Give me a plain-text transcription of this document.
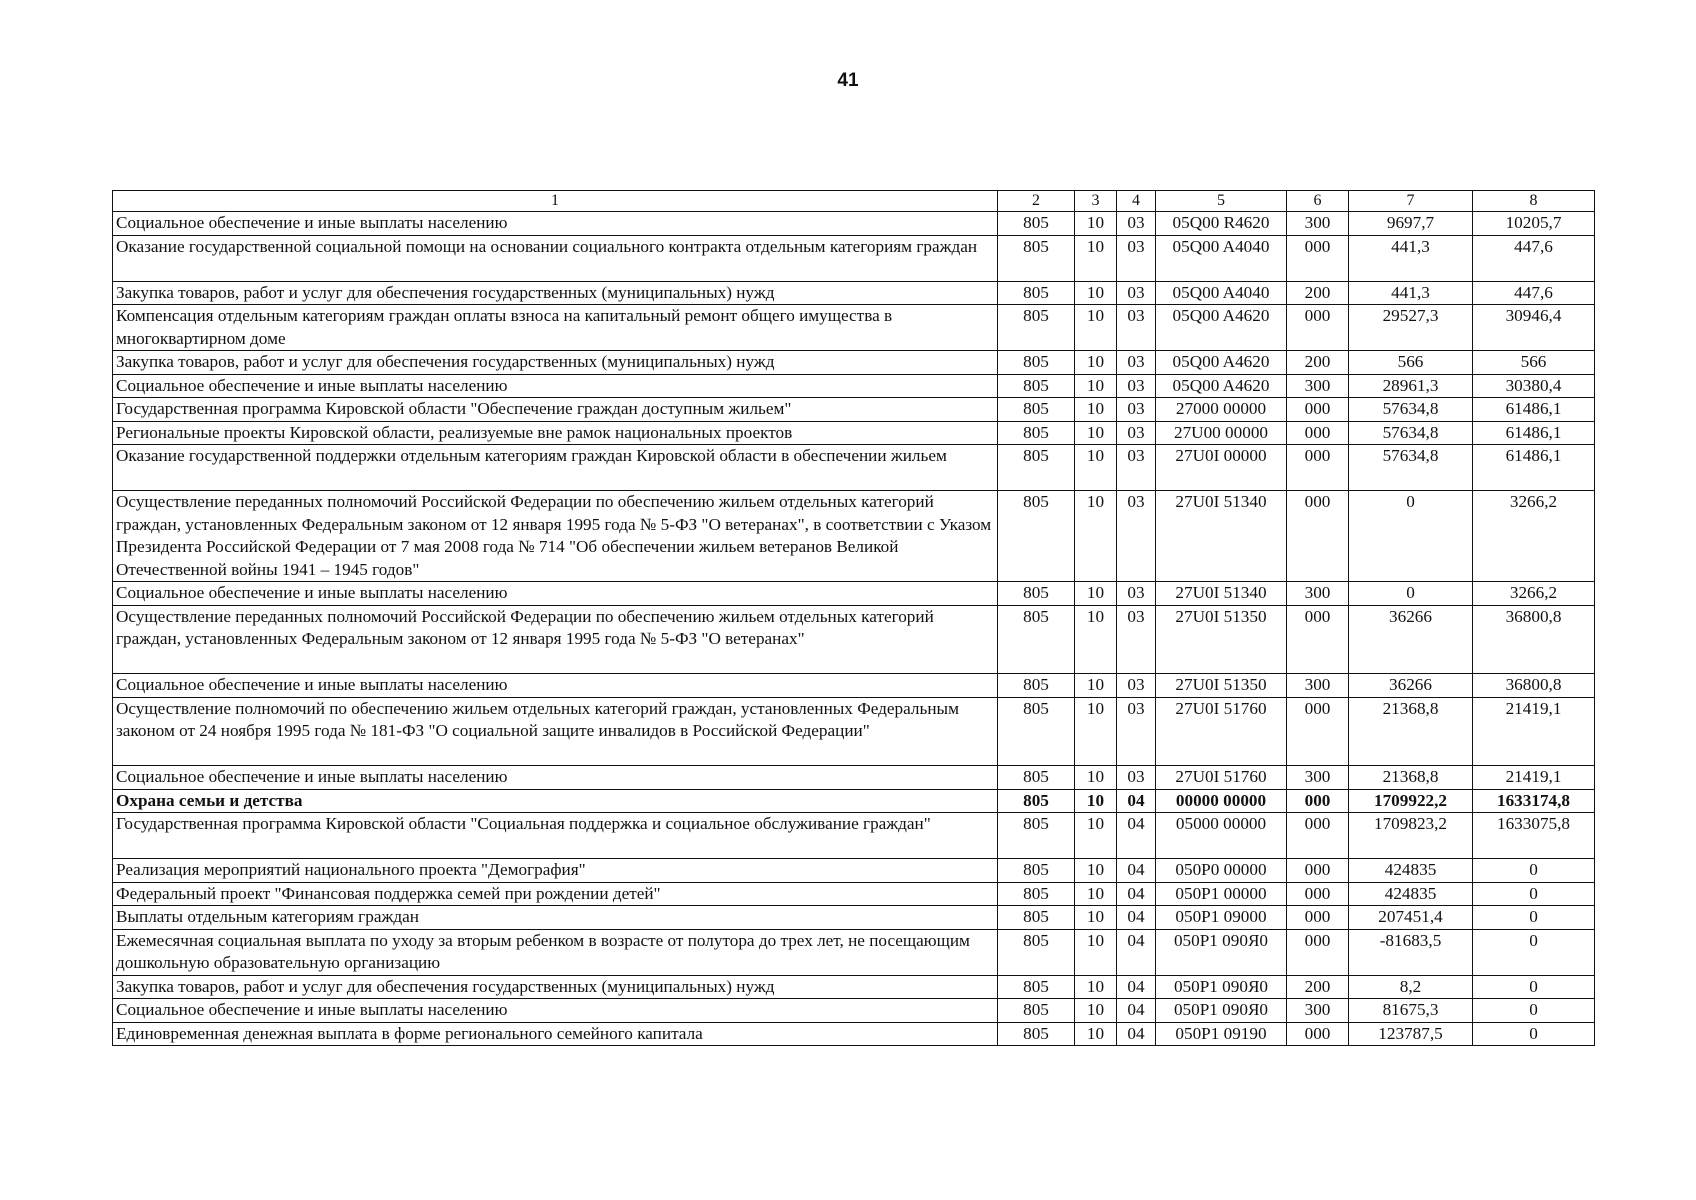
41
1	2	3	4	5	6	7	8
Социальное обеспечение и иные выплаты населению	805	10	03	05Q00 R4620	300	9697,7	10205,7
Оказание государственной социальной помощи на основании социального контракта отдельным категориям граждан	805	10	03	05Q00 A4040	000	441,3	447,6
Закупка товаров, работ и услуг для обеспечения государственных (муниципальных) нужд	805	10	03	05Q00 A4040	200	441,3	447,6
Компенсация отдельным категориям граждан оплаты взноса на капитальный ремонт общего имущества в многоквартирном доме	805	10	03	05Q00 A4620	000	29527,3	30946,4
Закупка товаров, работ и услуг для обеспечения государственных (муниципальных) нужд	805	10	03	05Q00 A4620	200	566	566
Социальное обеспечение и иные выплаты населению	805	10	03	05Q00 A4620	300	28961,3	30380,4
Государственная программа Кировской области "Обеспечение граждан доступным жильем"	805	10	03	27000 00000	000	57634,8	61486,1
Региональные проекты Кировской области, реализуемые вне рамок национальных проектов	805	10	03	27U00 00000	000	57634,8	61486,1
Оказание государственной поддержки отдельным категориям граждан Кировской области в обеспечении жильем	805	10	03	27U0I 00000	000	57634,8	61486,1
Осуществление переданных полномочий Российской Федерации по обеспечению жильем отдельных категорий граждан, установленных Федеральным законом от 12 января 1995 года № 5-ФЗ "О ветеранах", в соответствии с Указом Президента Российской Федерации от 7 мая 2008 года № 714 "Об обеспечении жильем ветеранов Великой Отечественной войны 1941 – 1945 годов"	805	10	03	27U0I 51340	000	0	3266,2
Социальное обеспечение и иные выплаты населению	805	10	03	27U0I 51340	300	0	3266,2
Осуществление переданных полномочий Российской Федерации по обеспечению жильем отдельных категорий граждан, установленных Федеральным законом от 12 января 1995 года № 5-ФЗ "О ветеранах"	805	10	03	27U0I 51350	000	36266	36800,8
Социальное обеспечение и иные выплаты населению	805	10	03	27U0I 51350	300	36266	36800,8
Осуществление полномочий по обеспечению жильем отдельных категорий граждан, установленных Федеральным законом от 24 ноября 1995 года № 181-ФЗ "О социальной защите инвалидов в Российской Федерации"	805	10	03	27U0I 51760	000	21368,8	21419,1
Социальное обеспечение и иные выплаты населению	805	10	03	27U0I 51760	300	21368,8	21419,1
Охрана семьи и детства	805	10	04	00000 00000	000	1709922,2	1633174,8
Государственная программа Кировской области "Социальная поддержка и социальное обслуживание граждан"	805	10	04	05000 00000	000	1709823,2	1633075,8
Реализация мероприятий национального проекта "Демография"	805	10	04	050P0 00000	000	424835	0
Федеральный проект "Финансовая поддержка семей при рождении детей"	805	10	04	050P1 00000	000	424835	0
Выплаты отдельным категориям граждан	805	10	04	050P1 09000	000	207451,4	0
Ежемесячная социальная выплата по уходу за вторым ребенком в возрасте от полутора до трех лет, не посещающим дошкольную образовательную организацию	805	10	04	050P1 090Я0	000	-81683,5	0
Закупка товаров, работ и услуг для обеспечения государственных (муниципальных) нужд	805	10	04	050P1 090Я0	200	8,2	0
Социальное обеспечение и иные выплаты населению	805	10	04	050P1 090Я0	300	81675,3	0
Единовременная денежная выплата в форме регионального семейного капитала	805	10	04	050P1 09190	000	123787,5	0
